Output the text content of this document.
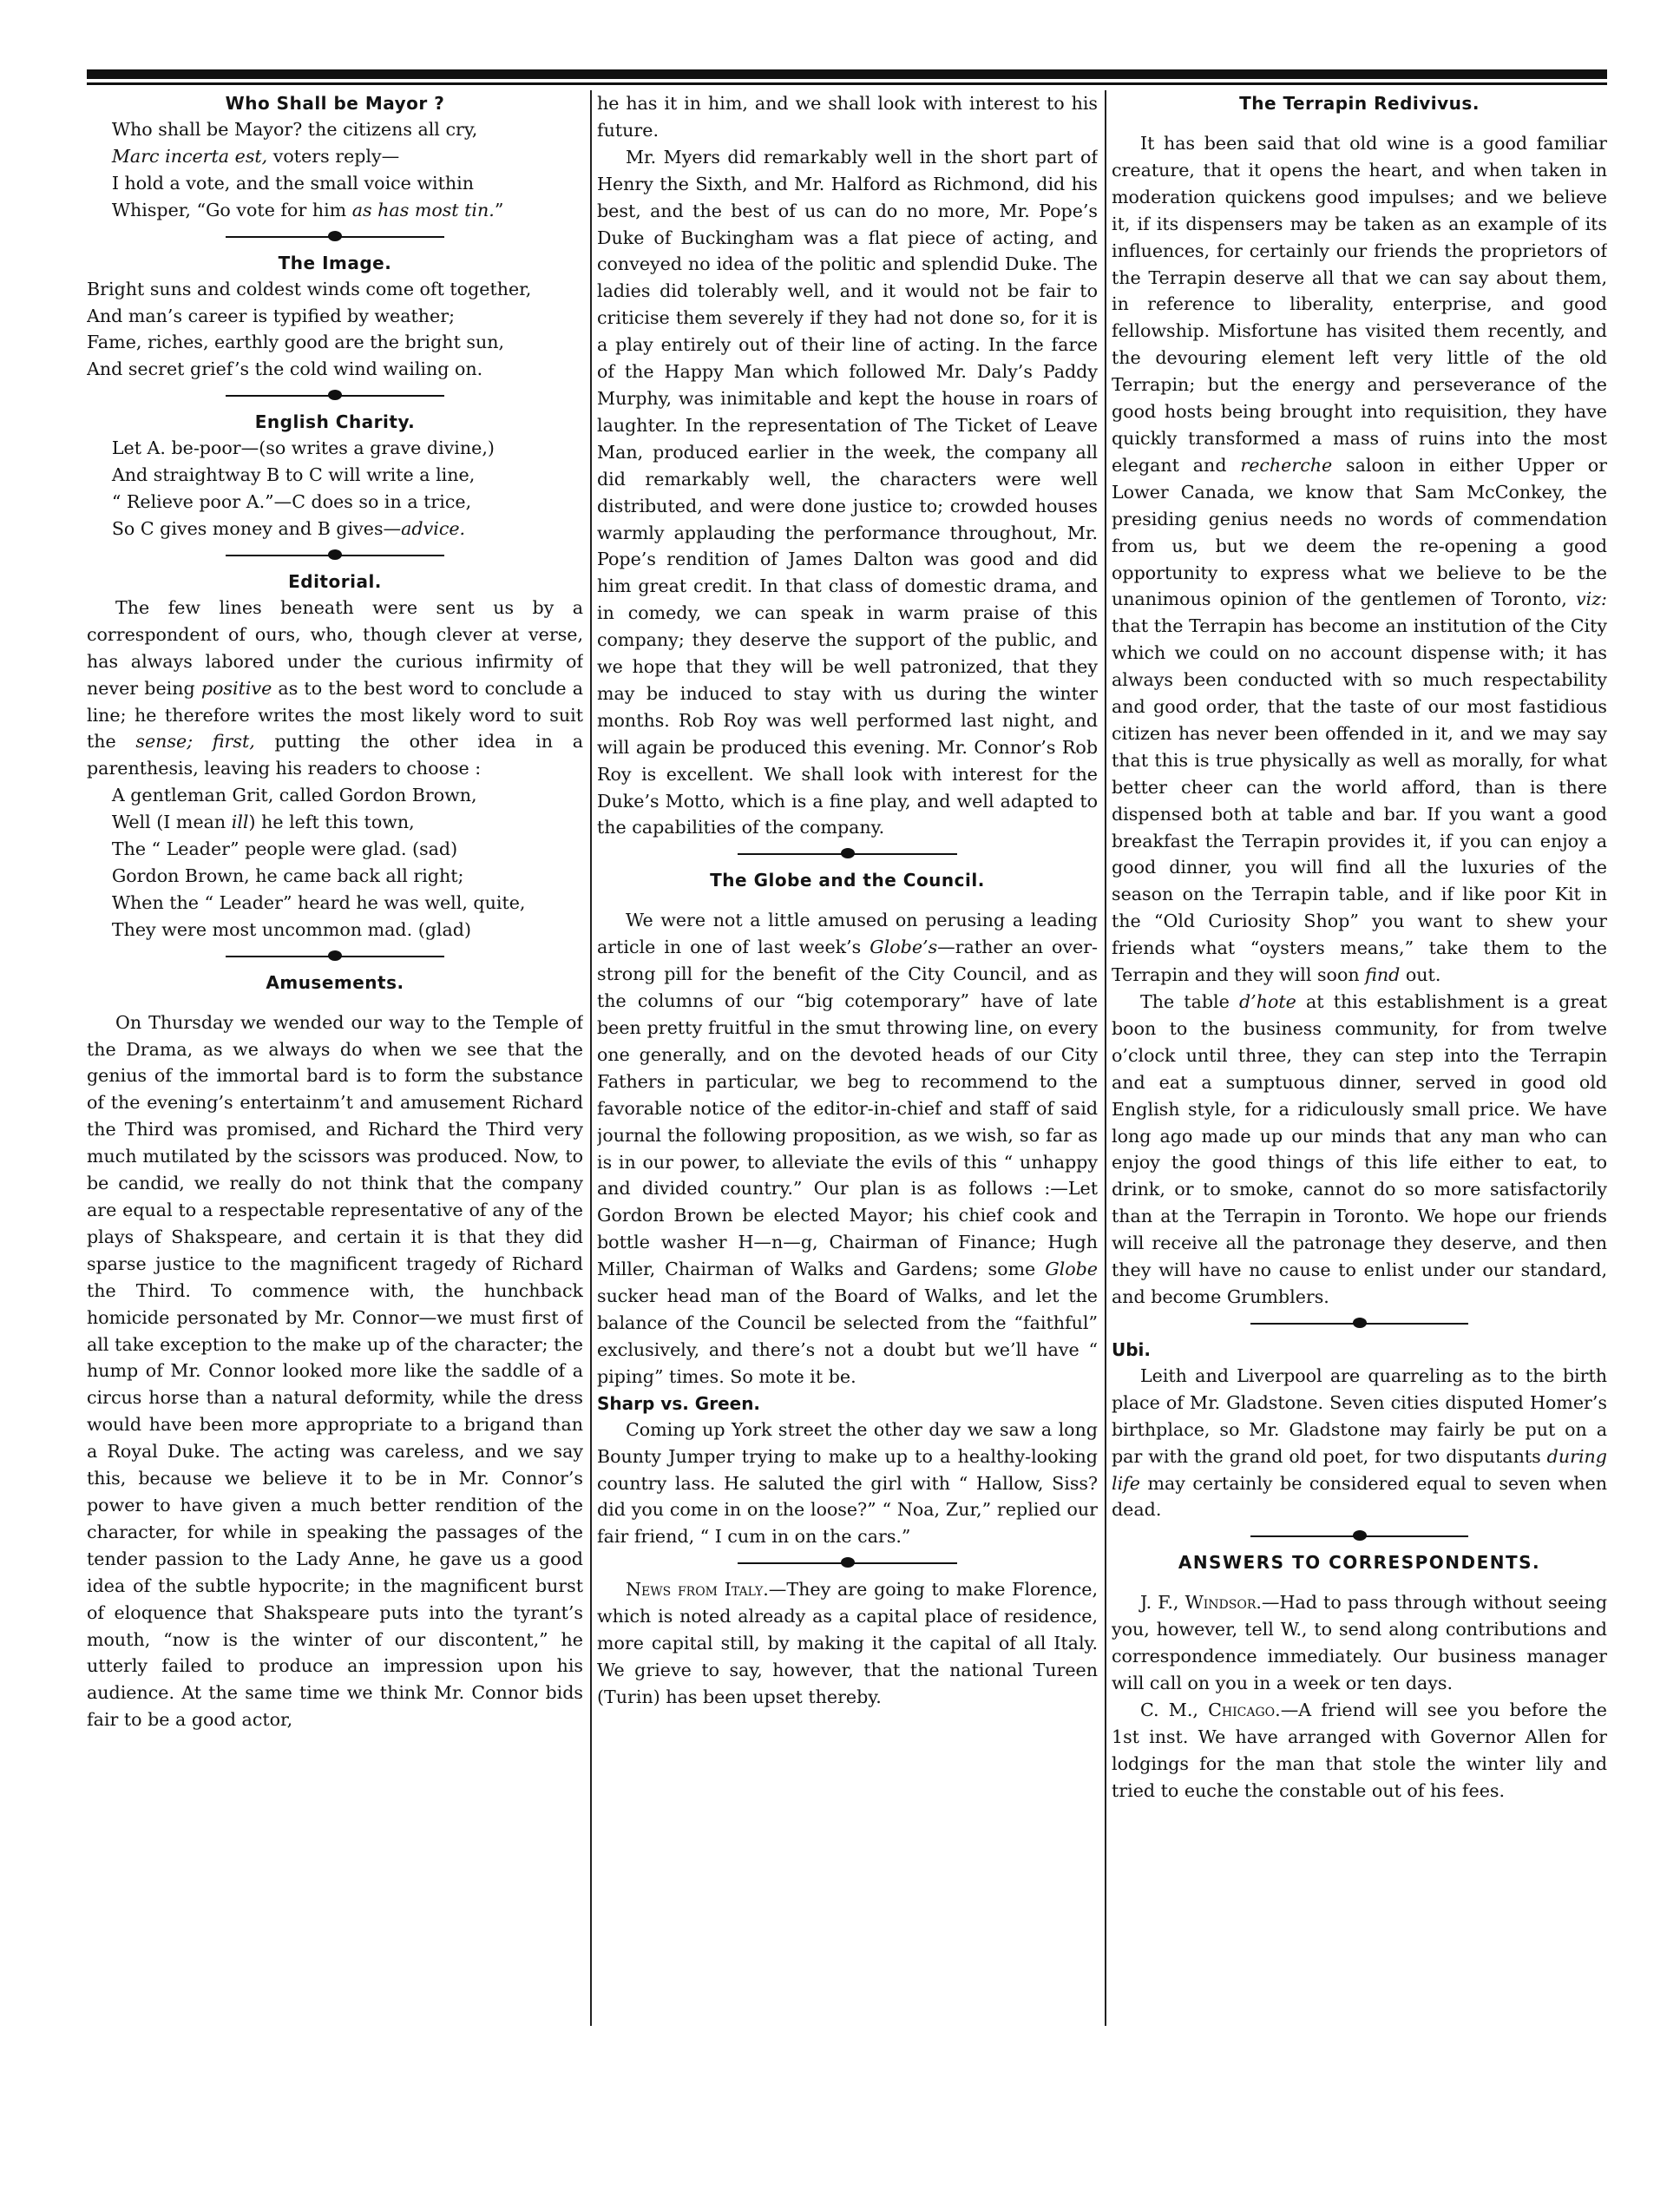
Who Shall be Mayor ?

Who shall be Mayor? the citizens all cry,

Marc incerta est, voters reply—

I hold a vote, and the small voice within

Whisper, “Go vote for him as has most tin.”

The Image.

Bright suns and coldest winds come oft together,

And man’s career is typified by weather;

Fame, riches, earthly good are the bright sun,

And secret grief’s the cold wind wailing on.

English Charity.

Let A. be-poor—(so writes a grave divine,)

And straightway B to C will write a line,

“ Relieve poor A.”—C does so in a trice,

So C gives money and B gives—advice.

Editorial.

The few lines beneath were sent us by a correspondent of ours, who, though clever at verse, has always labored under the curious infirmity of never being positive as to the best word to conclude a line; he therefore writes the most likely word to suit the sense; first, putting the other idea in a parenthesis, leaving his readers to choose :

A gentleman Grit, called Gordon Brown,

Well (I mean ill) he left this town,

The “ Leader” people were glad. (sad)

Gordon Brown, he came back all right;

When the “ Leader” heard he was well, quite,

They were most uncommon mad. (glad)

Amusements.

On Thursday we wended our way to the Temple of the Drama, as we always do when we see that the genius of the immortal bard is to form the substance of the evening’s entertainm’t and amusement Richard the Third was promised, and Richard the Third very much mutilated by the scissors was produced. Now, to be candid, we really do not think that the company are equal to a respectable representative of any of the plays of Shakspeare, and certain it is that they did sparse justice to the magnificent tragedy of Richard the Third. To commence with, the hunchback homicide personated by Mr. Connor—we must first of all take exception to the make up of the character; the hump of Mr. Connor looked more like the saddle of a circus horse than a natural deformity, while the dress would have been more appropriate to a brigand than a Royal Duke. The acting was careless, and we say this, because we believe it to be in Mr. Connor’s power to have given a much better rendition of the character, for while in speaking the passages of the tender passion to the Lady Anne, he gave us a good idea of the subtle hypocrite; in the magnificent burst of eloquence that Shakspeare puts into the tyrant’s mouth, “now is the winter of our discontent,” he utterly failed to produce an impression upon his audience. At the same time we think Mr. Connor bids fair to be a good actor,

he has it in him, and we shall look with interest to his future.

Mr. Myers did remarkably well in the short part of Henry the Sixth, and Mr. Halford as Richmond, did his best, and the best of us can do no more, Mr. Pope’s Duke of Buckingham was a flat piece of acting, and conveyed no idea of the politic and splendid Duke. The ladies did tolerably well, and it would not be fair to criticise them severely if they had not done so, for it is a play entirely out of their line of acting. In the farce of the Happy Man which followed Mr. Daly’s Paddy Murphy, was inimitable and kept the house in roars of laughter. In the representation of The Ticket of Leave Man, produced earlier in the week, the company all did remarkably well, the characters were well distributed, and were done justice to; crowded houses warmly applauding the performance throughout, Mr. Pope’s rendition of James Dalton was good and did him great credit. In that class of domestic drama, and in comedy, we can speak in warm praise of this company; they deserve the support of the public, and we hope that they will be well patronized, that they may be induced to stay with us during the winter months. Rob Roy was well performed last night, and will again be produced this evening. Mr. Connor’s Rob Roy is excellent. We shall look with interest for the Duke’s Motto, which is a fine play, and well adapted to the capabilities of the company.

The Globe and the Council.

We were not a little amused on perusing a leading article in one of last week’s Globe’s—rather an over-strong pill for the benefit of the City Council, and as the columns of our “big cotemporary” have of late been pretty fruitful in the smut throwing line, on every one generally, and on the devoted heads of our City Fathers in particular, we beg to recommend to the favorable notice of the editor-in-chief and staff of said journal the following proposition, as we wish, so far as is in our power, to alleviate the evils of this “ unhappy and divided country.” Our plan is as follows :—Let Gordon Brown be elected Mayor; his chief cook and bottle washer H—n—g, Chairman of Finance; Hugh Miller, Chairman of Walks and Gardens; some Globe sucker head man of the Board of Walks, and let the balance of the Council be selected from the “faithful” exclusively, and there’s not a doubt but we’ll have “ piping” times. So mote it be.

Sharp vs. Green.

Coming up York street the other day we saw a long Bounty Jumper trying to make up to a healthy-looking country lass. He saluted the girl with “ Hallow, Siss? did you come in on the loose?” “ Noa, Zur,” replied our fair friend, “ I cum in on the cars.”

News from Italy.—They are going to make Florence, which is noted already as a capital place of residence, more capital still, by making it the capital of all Italy. We grieve to say, however, that the national Tureen (Turin) has been upset thereby.

The Terrapin Redivivus.

It has been said that old wine is a good familiar creature, that it opens the heart, and when taken in moderation quickens good impulses; and we believe it, if its dispensers may be taken as an example of its influences, for certainly our friends the proprietors of the Terrapin deserve all that we can say about them, in reference to liberality, enterprise, and good fellowship. Misfortune has visited them recently, and the devouring element left very little of the old Terrapin; but the energy and perseverance of the good hosts being brought into requisition, they have quickly transformed a mass of ruins into the most elegant and recherche saloon in either Upper or Lower Canada, we know that Sam McConkey, the presiding genius needs no words of commendation from us, but we deem the re-opening a good opportunity to express what we believe to be the unanimous opinion of the gentlemen of Toronto, viz: that the Terrapin has become an institution of the City which we could on no account dispense with; it has always been conducted with so much respectability and good order, that the taste of our most fastidious citizen has never been offended in it, and we may say that this is true physically as well as morally, for what better cheer can the world afford, than is there dispensed both at table and bar. If you want a good breakfast the Terrapin provides it, if you can enjoy a good dinner, you will find all the luxuries of the season on the Terrapin table, and if like poor Kit in the “Old Curiosity Shop” you want to shew your friends what “oysters means,” take them to the Terrapin and they will soon find out.

The table d’hote at this establishment is a great boon to the business community, for from twelve o’clock until three, they can step into the Terrapin and eat a sumptuous dinner, served in good old English style, for a ridiculously small price. We have long ago made up our minds that any man who can enjoy the good things of this life either to eat, to drink, or to smoke, cannot do so more satisfactorily than at the Terrapin in Toronto. We hope our friends will receive all the patronage they deserve, and then they will have no cause to enlist under our standard, and become Grumblers.

Ubi.

Leith and Liverpool are quarreling as to the birth place of Mr. Gladstone. Seven cities disputed Homer’s birthplace, so Mr. Gladstone may fairly be put on a par with the grand old poet, for two disputants during life may certainly be considered equal to seven when dead.

ANSWERS TO CORRESPONDENTS.

J. F., Windsor.—Had to pass through without seeing you, however, tell W., to send along contributions and correspondence immediately. Our business manager will call on you in a week or ten days.

C. M., Chicago.—A friend will see you before the 1st inst. We have arranged with Governor Allen for lodgings for the man that stole the winter lily and tried to euche the constable out of his fees.
